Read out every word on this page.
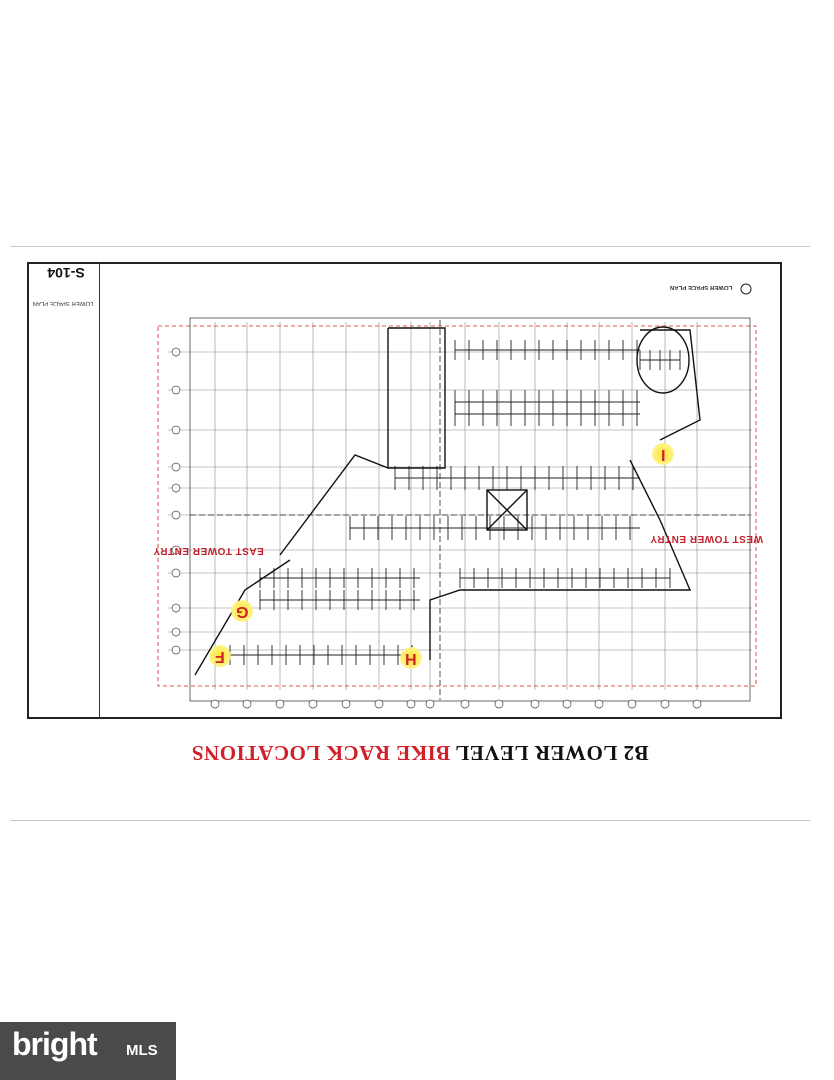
LOWER SPACE PLAN
S-104
LOWER SPACE PLAN
WEST TOWER ENTRY
EAST TOWER ENTRY
I
G
F	H
B2 LOWER LEVEL BIKE RACK LOCATIONS
bright MLS
